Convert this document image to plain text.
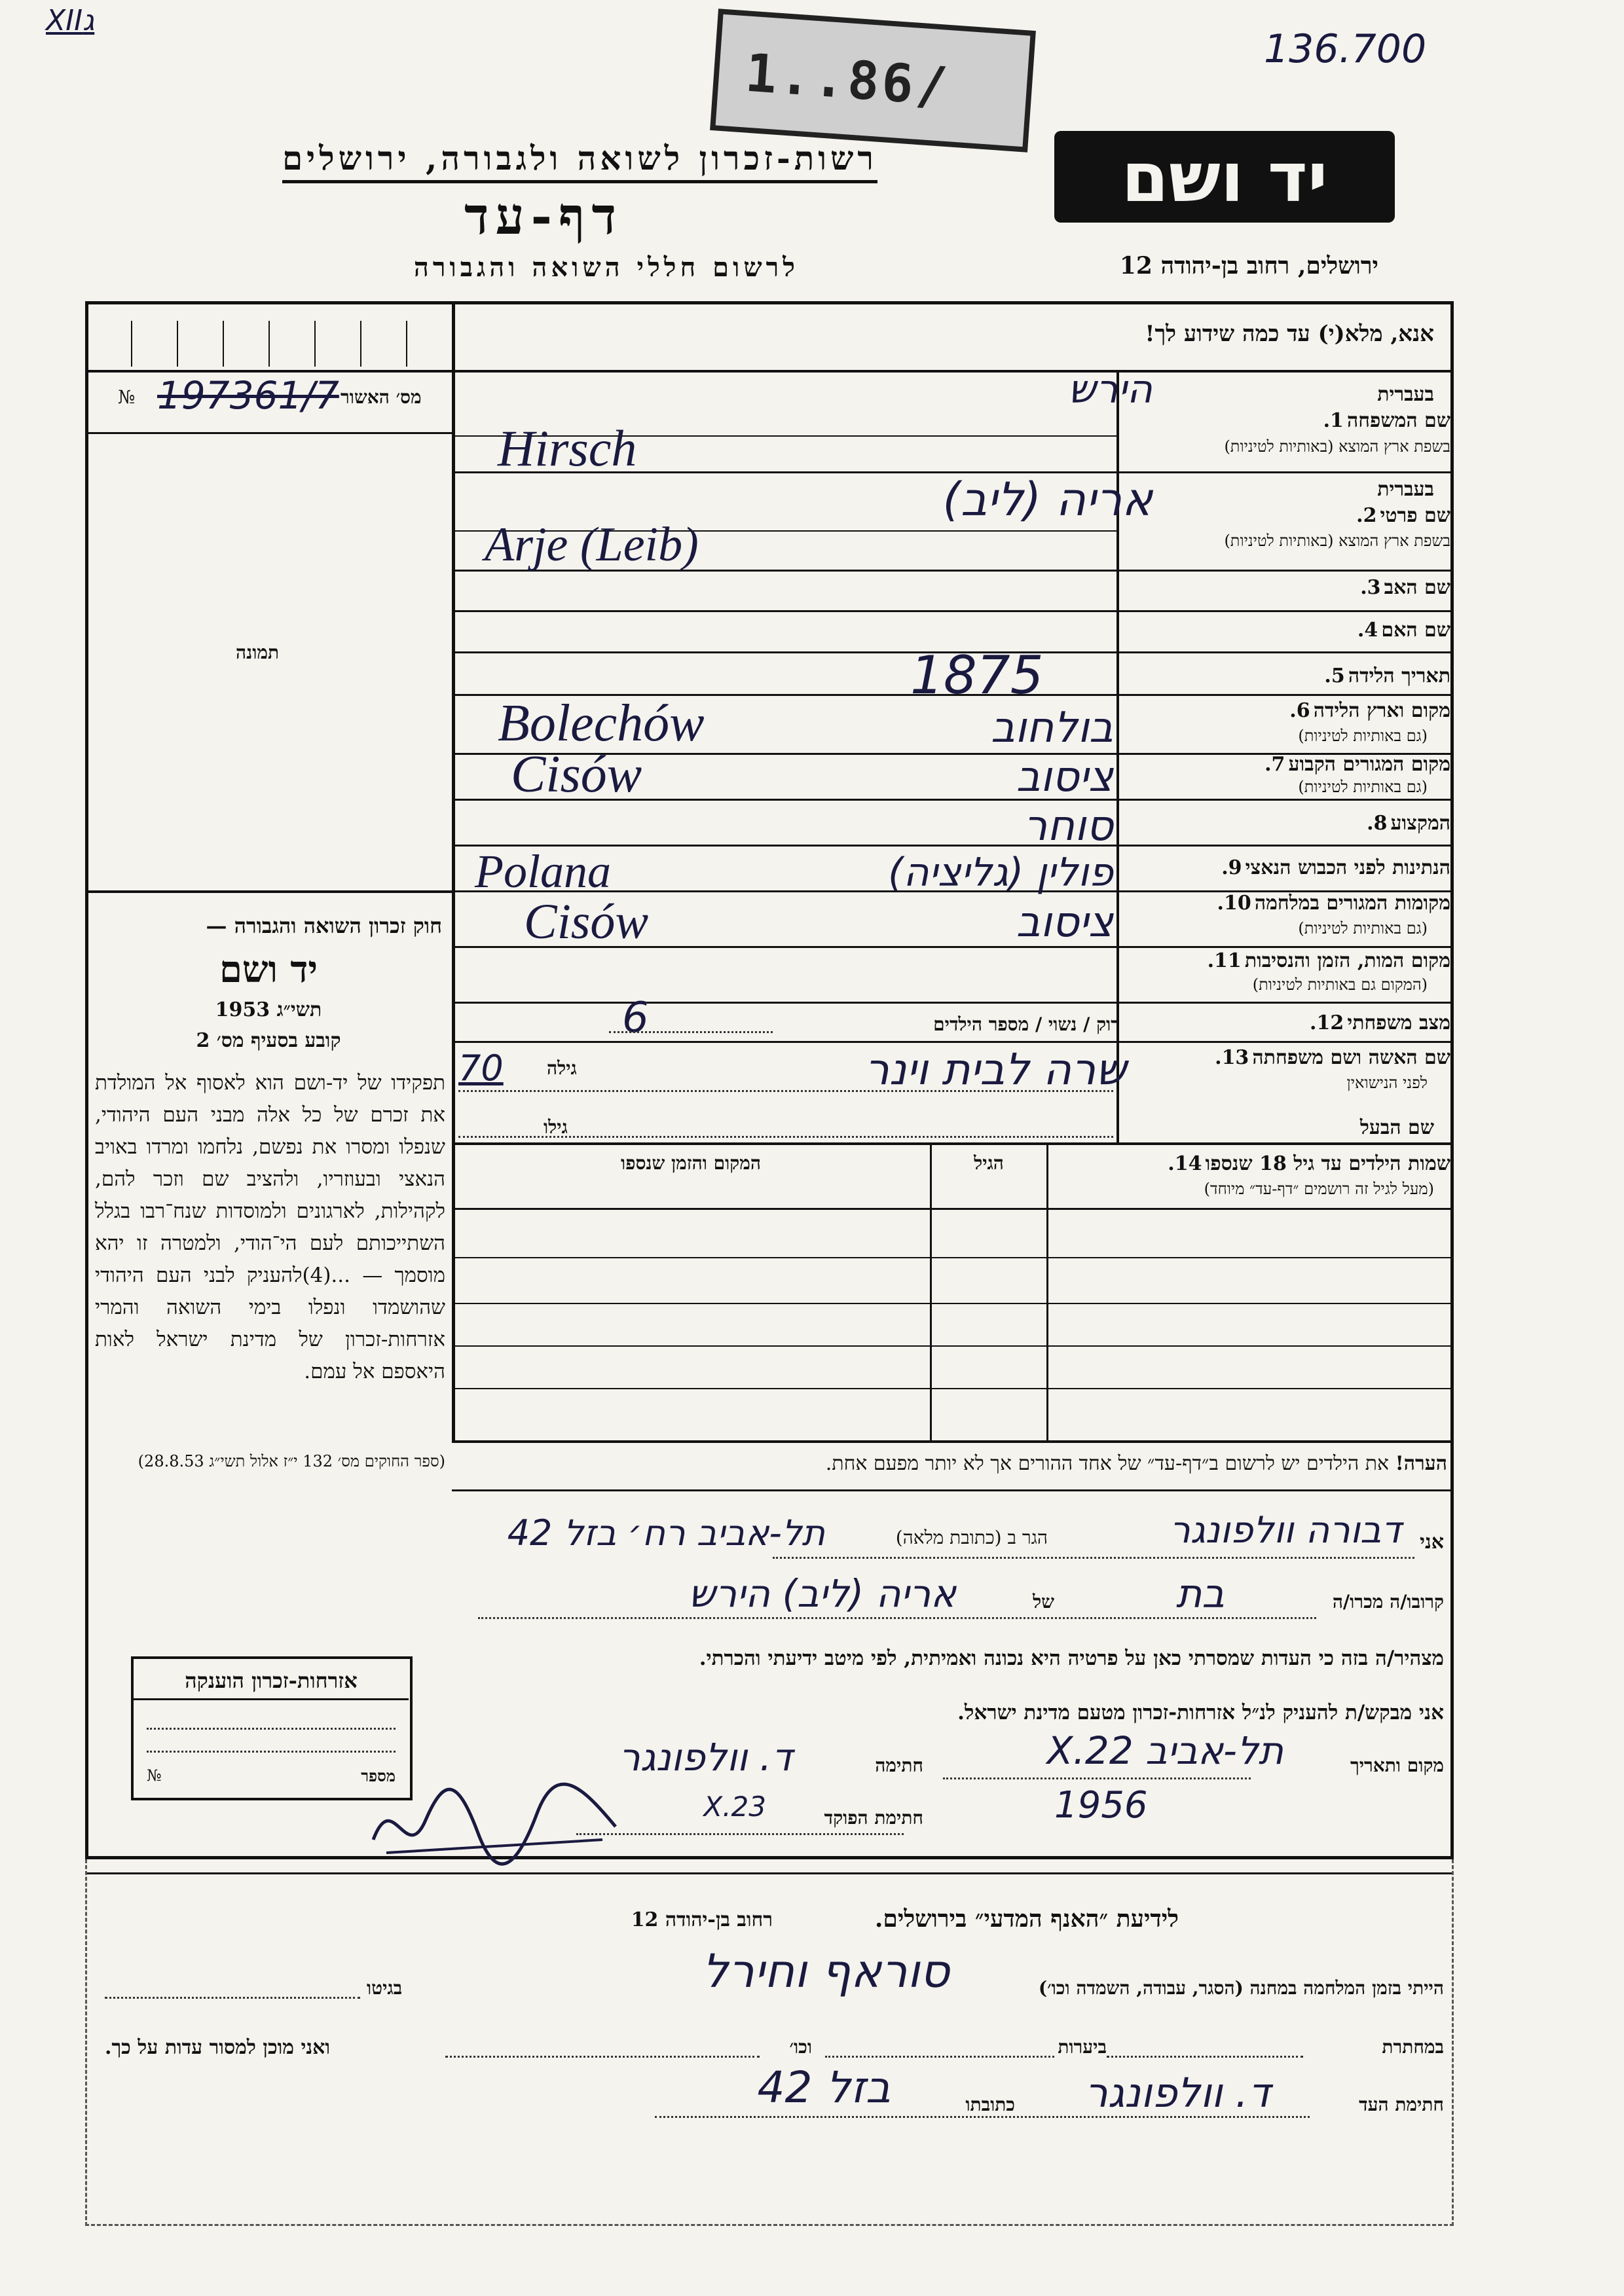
XIIג
136.700
1..86/
רשות-זכרון לשואה ולגבורה, ירושלים	יד ושם
דף-עד
לרשום חללי השואה והגבורה	ירושלים, רחוב בן-יהודה 12
אנא, מלא(י) עד כמה שידוע לך!
מס׳ האשור
№ 197361/7
תמונה
חוק זכרון השואה והגבורה —
יד ושם
תשי״ג 1953
קובע בסעיף מס׳ 2
תפקידו של יד-ושם הוא לאסוף אל המולדת את זכרם של כל אלה מבני העם היהודי, שנפלו ומסרו את נפשם, נלחמו ומרדו באויב הנאצי ובעוזריו, ולהציב שם וזכר להם, לקהילות, לארגונים ולמוסדות שנח־רבו בגלל השתייכותם לעם הי־הודי, ולמטרה זו יהא מוסמך — ...(4)להעניק לבני העם היהודי שהושמדו ונפלו בימי השואה והמרי אזרחות-זכרון של מדינת ישראל לאות היאספם אל עמם.
(ספר החוקים מס׳ 132 י״ז אלול תשי״ג 28.8.53)
אזרחות-זכרון הוענקה
מספר
№
בעברית
שם המשפחה 1.
בשפת ארץ המוצא (באותיות לטיניות)
הירש
Hirsch
בעברית
שם פרטי 2.
בשפת ארץ המוצא (באותיות לטיניות)
אריה (ליב)
Arje (Leib)
שם האב 3.
שם האם 4.
תאריך הלידה 5.
1875
מקום וארץ הלידה 6.
(גם באותיות לטיניות)
Bolechów	בולחוב
מקום המגורים הקבוע 7.
(גם באותיות לטיניות)
Cisów	ציסוב
המקצוע 8.
סוחר
הנתינות לפני הכבוש הנאצי 9.
Polana	פולין (גליציה)
מקומות המגורים במלחמה 10.
(גם באותיות לטיניות)
Cisów	ציסוב
מקום המות, הזמן והנסיבות 11.
(המקום גם באותיות לטיניות)
מצב משפחתי 12.
רוק / נשוי / מספר הילדים
6
שם האשה ושם משפחתה 13.
לפני הנישואין
שרה לבית וינר
גילה
70
שם הבעל
גילו
שמות הילדים עד גיל 18 שנספו 14.
(מעל לגיל זה רושמים ״דף-עד״ מיוחד)
הגיל
המקום והזמן שנספו
הערה! את הילדים יש לרשום ב״דף-עד״ של אחד ההורים אך לא יותר מפעם אחת.
אני
דבורה וולפונגר
הגר ב (כתובת מלאה)
תל-אביב רח׳ בזל 42
קרובו/ה מכרו/ה
בת
של
אריה (ליב) הירש
מצהיר/ה בזה כי העדות שמסרתי כאן על פרטיה היא נכונה ואמיתית, לפי מיטב ידיעתי והכרתי.
אני מבקש/ת להעניק לנ״ל אזרחות-זכרון מטעם מדינת ישראל.
מקום ותאריך
תל-אביב 22.X
1956
חתימה
ד. וולפונגר
חתימת הפוקד
23.X
לידיעת ״האנף המדעי״ בירושלים.
רחוב בן-יהודה 12
הייתי בזמן המלחמה במחנה (הסגר, עבודה, השמדה וכו׳)
סוראף וחירל
בגיטו
במחתרת
ביערות
וכו׳
ואני מוכן למסור עדות על כך.
חתימת העד
ד. וולפונגר
כתובתו
בזל 42
